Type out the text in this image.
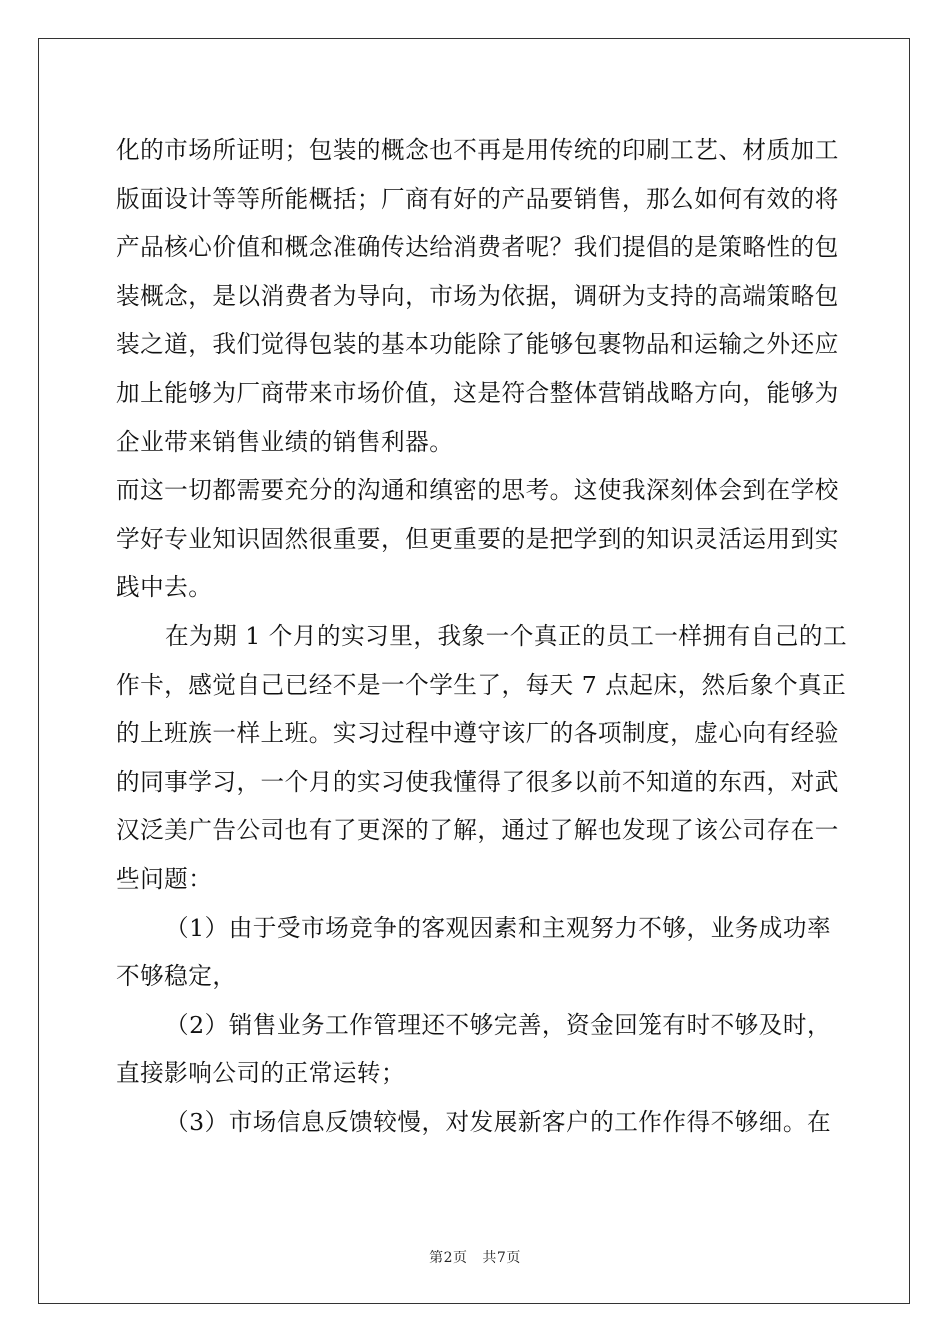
化的市场所证明；包装的概念也不再是用传统的印刷工艺、材质加工
版面设计等等所能概括；厂商有好的产品要销售，那么如何有效的将
产品核心价值和概念准确传达给消费者呢？我们提倡的是策略性的包
装概念，是以消费者为导向，市场为依据，调研为支持的高端策略包
装之道，我们觉得包装的基本功能除了能够包裹物品和运输之外还应
加上能够为厂商带来市场价值，这是符合整体营销战略方向，能够为
企业带来销售业绩的销售利器。
而这一切都需要充分的沟通和缜密的思考。这使我深刻体会到在学校
学好专业知识固然很重要，但更重要的是把学到的知识灵活运用到实
践中去。
在为期 1 个月的实习里，我象一个真正的员工一样拥有自己的工
作卡，感觉自己已经不是一个学生了，每天 7 点起床，然后象个真正
的上班族一样上班。实习过程中遵守该厂的各项制度，虚心向有经验
的同事学习，一个月的实习使我懂得了很多以前不知道的东西，对武
汉泛美广告公司也有了更深的了解，通过了解也发现了该公司存在一
些问题：
（1）由于受市场竞争的客观因素和主观努力不够，业务成功率
不够稳定，
（2）销售业务工作管理还不够完善，资金回笼有时不够及时，
直接影响公司的正常运转；
（3）市场信息反馈较慢，对发展新客户的工作作得不够细。在
第2页 共7页
